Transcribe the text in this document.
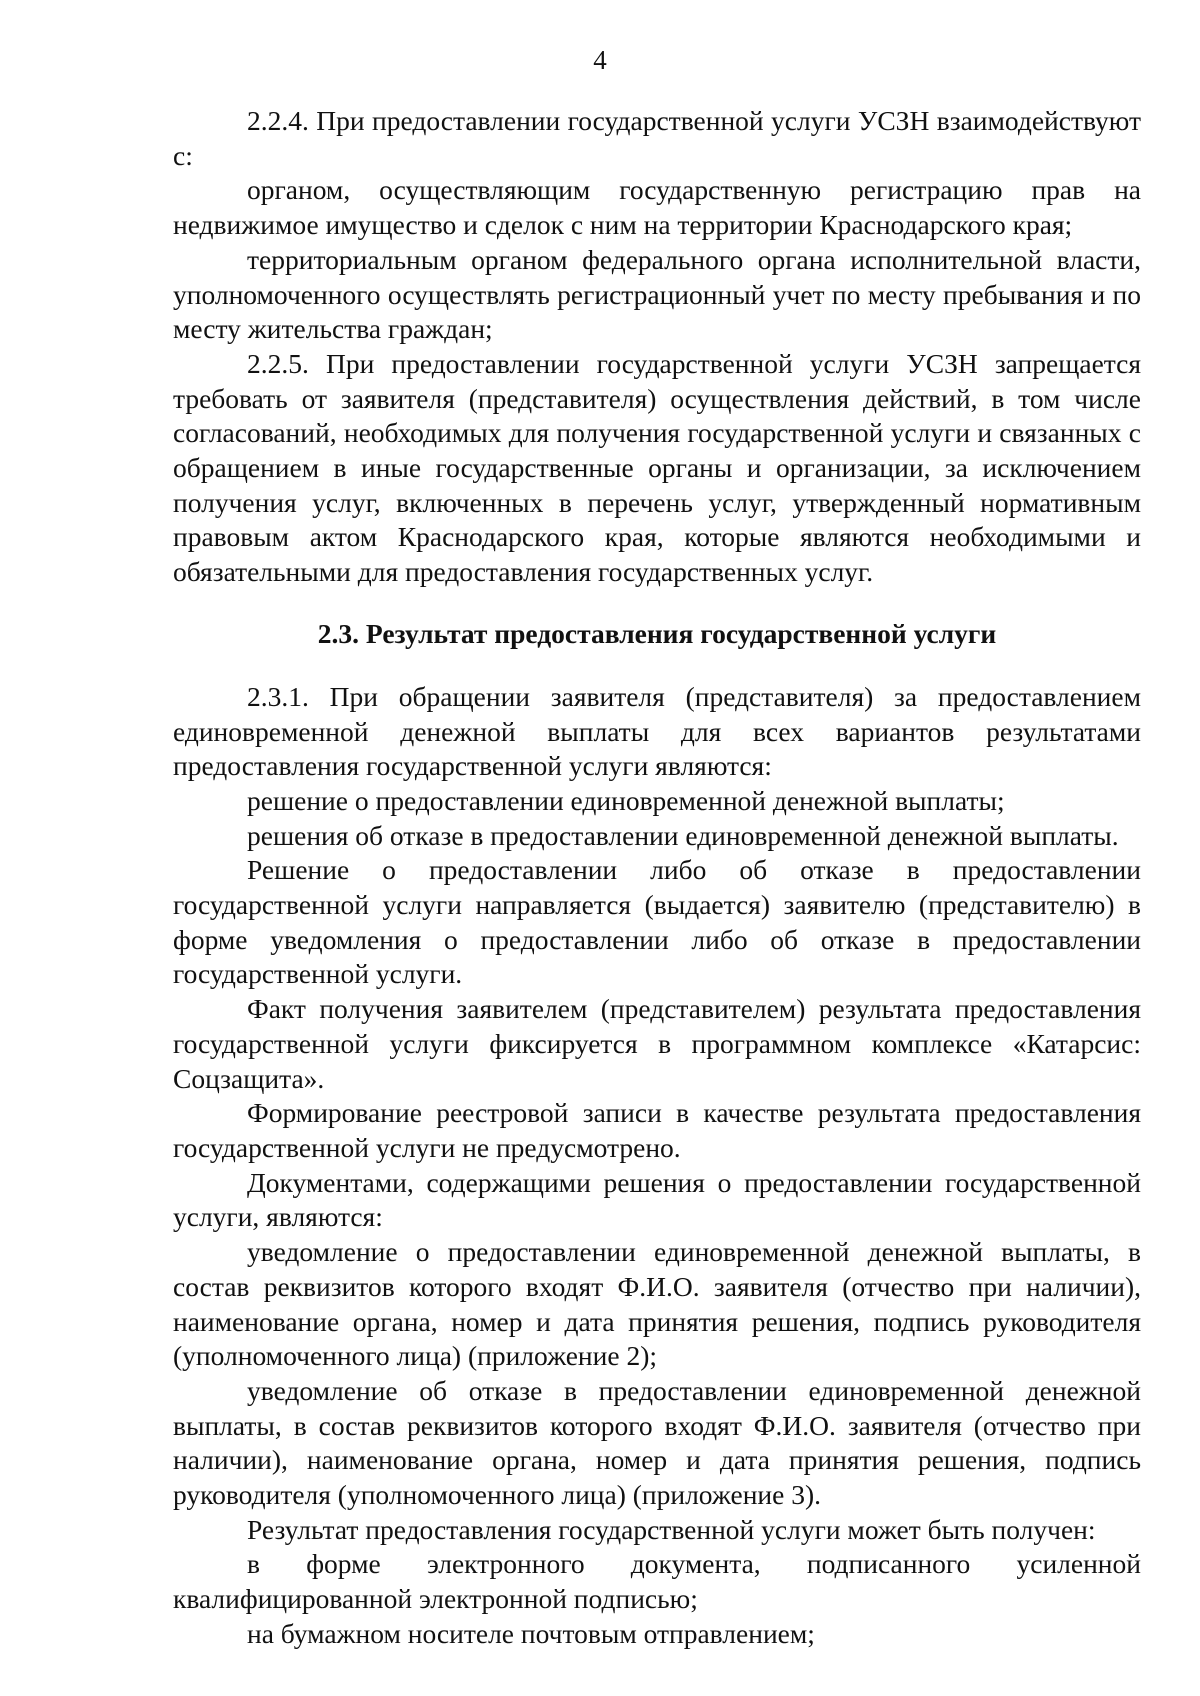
4

2.2.4. При предоставлении государственной услуги УСЗН взаимодействуют с:

органом, осуществляющим государственную регистрацию прав на недвижимое имущество и сделок с ним на территории Краснодарского края;

территориальным органом федерального органа исполнительной власти, уполномоченного осуществлять регистрационный учет по месту пребывания и по месту жительства граждан;

2.2.5. При предоставлении государственной услуги УСЗН запрещается требовать от заявителя (представителя) осуществления действий, в том числе согласований, необходимых для получения государственной услуги и связанных с обращением в иные государственные органы и организации, за исключением получения услуг, включенных в перечень услуг, утвержденный нормативным правовым актом Краснодарского края, которые являются необходимыми и обязательными для предоставления государственных услуг.

2.3. Результат предоставления государственной услуги

2.3.1. При обращении заявителя (представителя) за предоставлением единовременной денежной выплаты для всех вариантов результатами предоставления государственной услуги являются:

решение о предоставлении единовременной денежной выплаты;

решения об отказе в предоставлении единовременной денежной выплаты.

Решение о предоставлении либо об отказе в предоставлении государственной услуги направляется (выдается) заявителю (представителю) в форме уведомления о предоставлении либо об отказе в предоставлении государственной услуги.

Факт получения заявителем (представителем) результата предоставления государственной услуги фиксируется в программном комплексе «Катарсис: Соцзащита».

Формирование реестровой записи в качестве результата предоставления государственной услуги не предусмотрено.

Документами, содержащими решения о предоставлении государственной услуги, являются:

уведомление о предоставлении единовременной денежной выплаты, в состав реквизитов которого входят Ф.И.О. заявителя (отчество при наличии), наименование органа, номер и дата принятия решения, подпись руководителя (уполномоченного лица) (приложение 2);

уведомление об отказе в предоставлении единовременной денежной выплаты, в состав реквизитов которого входят Ф.И.О. заявителя (отчество при наличии), наименование органа, номер и дата принятия решения, подпись руководителя (уполномоченного лица) (приложение 3).

Результат предоставления государственной услуги может быть получен:

в форме электронного документа, подписанного усиленной квалифицированной электронной подписью;

на бумажном носителе почтовым отправлением;
